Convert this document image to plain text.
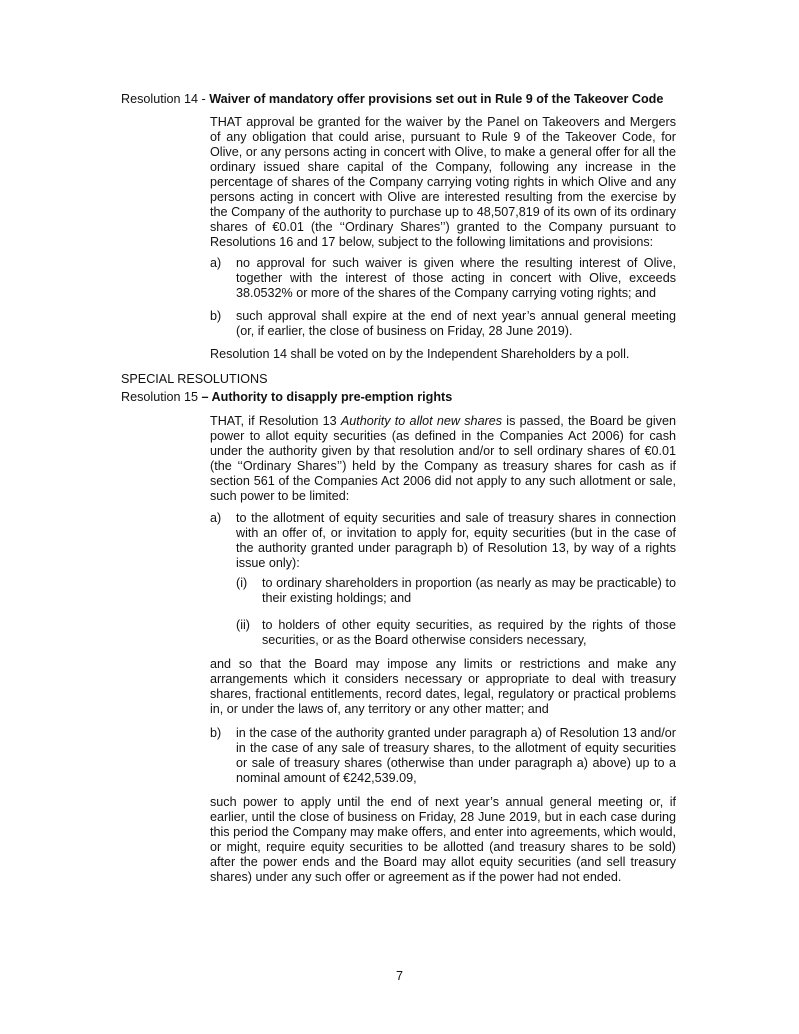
Resolution 14 - Waiver of mandatory offer provisions set out in Rule 9 of the Takeover Code
THAT approval be granted for the waiver by the Panel on Takeovers and Mergers of any obligation that could arise, pursuant to Rule 9 of the Takeover Code, for Olive, or any persons acting in concert with Olive, to make a general offer for all the ordinary issued share capital of the Company, following any increase in the percentage of shares of the Company carrying voting rights in which Olive and any persons acting in concert with Olive are interested resulting from the exercise by the Company of the authority to purchase up to 48,507,819 of its own of its ordinary shares of €0.01 (the ‘‘Ordinary Shares’’) granted to the Company pursuant to Resolutions 16 and 17 below, subject to the following limitations and provisions:
a) no approval for such waiver is given where the resulting interest of Olive, together with the interest of those acting in concert with Olive, exceeds 38.0532% or more of the shares of the Company carrying voting rights; and
b) such approval shall expire at the end of next year’s annual general meeting (or, if earlier, the close of business on Friday, 28 June 2019).
Resolution 14 shall be voted on by the Independent Shareholders by a poll.
SPECIAL RESOLUTIONS
Resolution 15 – Authority to disapply pre-emption rights
THAT, if Resolution 13 Authority to allot new shares is passed, the Board be given power to allot equity securities (as defined in the Companies Act 2006) for cash under the authority given by that resolution and/or to sell ordinary shares of €0.01 (the ‘‘Ordinary Shares’’) held by the Company as treasury shares for cash as if section 561 of the Companies Act 2006 did not apply to any such allotment or sale, such power to be limited:
a) to the allotment of equity securities and sale of treasury shares in connection with an offer of, or invitation to apply for, equity securities (but in the case of the authority granted under paragraph b) of Resolution 13, by way of a rights issue only):
(i) to ordinary shareholders in proportion (as nearly as may be practicable) to their existing holdings; and
(ii) to holders of other equity securities, as required by the rights of those securities, or as the Board otherwise considers necessary,
and so that the Board may impose any limits or restrictions and make any arrangements which it considers necessary or appropriate to deal with treasury shares, fractional entitlements, record dates, legal, regulatory or practical problems in, or under the laws of, any territory or any other matter; and
b) in the case of the authority granted under paragraph a) of Resolution 13 and/or in the case of any sale of treasury shares, to the allotment of equity securities or sale of treasury shares (otherwise than under paragraph a) above) up to a nominal amount of €242,539.09,
such power to apply until the end of next year’s annual general meeting or, if earlier, until the close of business on Friday, 28 June 2019, but in each case during this period the Company may make offers, and enter into agreements, which would, or might, require equity securities to be allotted (and treasury shares to be sold) after the power ends and the Board may allot equity securities (and sell treasury shares) under any such offer or agreement as if the power had not ended.
7
